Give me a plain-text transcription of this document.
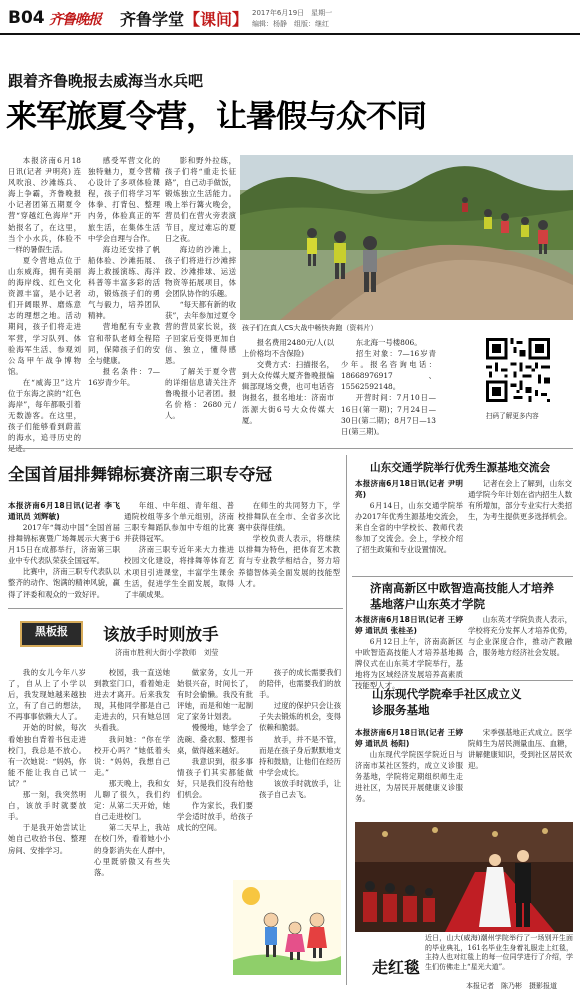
B04 齐鲁晚报 齐鲁学堂【课间】 2017年6月19日　星期一
编辑：杨静　组版：继红
跟着齐鲁晚报去威海当水兵吧
来军旅夏令营，让暑假与众不同

本报济南6月18日讯(记者 尹明亮) 连风吹浪、沙滩练兵、海上争霸，齐鲁晚报小记者团第五期夏令营“穿越红色海岸”开始报名了，在这里，当个小水兵，体验不一样的暑假生活。

夏令营地点位于山东威海，拥有美丽的海岸线、红色文化资源丰富，是小记者们开阔眼界、磨炼意志的理想之地。活动期间，孩子们将走进军营，学习队列、体验海军生活、参观刘公岛甲午战争博物馆。

在“威海卫”这片位于东海之滨的“红色海岸”，每年都吸引着无数游客。在这里，孩子们能够看到蔚蓝的海水，追寻历史的

感受军营文化的独特魅力，夏令营精心设计了多项体验课程，孩子们将学习军体拳、打背包、整理内务，体验真正的军旅生活，在集体生活中学会自理与合作。

海边还安排了帆船体验、沙滩拓展、海上救援演练、海洋科普等丰富多彩的活动，锻炼孩子们的勇气与毅力，培养团队精神。

营地配有专业教官和带队老师全程陪同，保障孩子们的安全与健康。

报名条件：7—16岁青少年。

影和野外拉练，孩子们将“重走长征路”，自己动手做饭，锻炼独立生活能力。晚上举行篝火晚会，营员们在营火旁表演节目，度过难忘的夏日之夜。

海边的沙滩上，孩子们将进行沙滩摔跤、沙滩排球、运送物资等拓展项目，体会团队协作的乐趣。

“每天都有新的收获”，去年参加过夏令营的营员家长说，孩子回家后变得更加自信、独立，懂得感恩。

了解关于夏令营的详细信息请关注齐鲁晚报小记者团。报名价格：2680元/人。

孩子们在真人CS大战中畅快奔跑（资料片）

报名费用2480元/人(以上价格均不含保险)

交费方式：扫描报名，到大众传媒大厦齐鲁晚报编辑部现场交费，也可电话咨询报名，报名地址：济南市泺源大街6号大众传媒大厦。

东北海一号楼806。

招生对象：7—16岁青少年。报名咨询电话：18668976917、15562592148。

开营时间：7月10日—16日(第一期)；7月24日—30日(第二期)；8月7日—13日(第三期)。

扫码了解更多内容
全国首届排舞锦标赛济南三职专夺冠
本报济南6月18日讯(记者 李飞 通讯员 刘辉敏)

2017年“舞动中国”全国首届排舞锦标赛暨广场舞展示大赛于6月15日在成都举行，济南第三职业中专代表队荣获全国冠军。

比赛中，济南三职专代表队以整齐的动作、饱满的精神风貌，赢得了评委和观众的一致好评。

年组、中年组、青年组、普通院校组等多个单元组别，济南三职专舞蹈队参加中专组的比赛并获得冠军。

济南三职专近年来大力推进校园文化建设，将排舞等体育艺术项目引进课堂，丰富学生课余生活，促进学生全面发展，取得了丰硕成果。

在师生的共同努力下，学校排舞队在全市、全省多次比赛中获得佳绩。

学校负责人表示，将继续以排舞为特色，把体育艺术教育与专业教学相结合，努力培养德智体美全面发展的技能型人才。

黑板报	该放手时则放手
济南市胜利大街小学教师　刘莹

我的女儿今年八岁了，自从上了小学以后，我发现她越来越独立，有了自己的想法，不再事事依赖大人了。

开始的时候，每次看她独自背着书包走进校门，我总是不放心。有一次她说：“妈妈，你能不能让我自己试一试？”

那一刻，我突然明白，该放手时就要放手。

于是我开始尝试让她自己收拾书包、整理房间、安排学习。

校园，我一直送她到教室门口，看着她走进去才离开。后来我发现，其他同学都是自己走进去的，只有她总回头看我。

我问她：“你在学校开心吗？”她低着头说：“妈妈，我想自己走。”

那天晚上，我和女儿聊了很久，我们约定：从第二天开始，她自己走进校门。

第二天早上，我站在校门外，看着她小小的身影消失在人群中，心里既骄傲又有些失落。

做家务，女儿一开始很兴奋，时间长了，有时会偷懒。我没有批评她，而是和她一起制定了家务计划表。

慢慢地，她学会了洗碗、叠衣服、整理书桌，做得越来越好。

我意识到，很多事情孩子们其实都能做好，只是我们没有给他们机会。

作为家长，我们要学会适时放手，给孩子成长的空间。

孩子的成长需要我们的陪伴，也需要我们的放手。

过度的保护只会让孩子失去锻炼的机会，变得依赖和脆弱。

放手，并不是不管，而是在孩子身后默默地支持和鼓励，让他们在经历中学会成长。

该放手时就放手，让孩子自己去飞。

山东交通学院举行优秀生源基地交流会
本报济南6月18日讯(记者 尹明亮)

6月14日，山东交通学院举办2017年优秀生源基地交流会，来自全省的中学校长、教师代表参加了交流会。会上，学校介绍了招生政策和专业设置情况。

记者在会上了解到，山东交通学院今年计划在省内招生人数有所增加，部分专业实行大类招生，为考生提供更多选择机会。

济南高新区中欧智造高技能人才培养基地落户山东英才学院
本报济南6月18日讯(记者 王婷婷 通讯员 张桂圣)

6月12日上午，济南高新区中欧智造高技能人才培养基地揭牌仪式在山东英才学院举行，基地将为区域经济发展培养高素质技能型人才。

山东英才学院负责人表示，学校将充分发挥人才培养优势，与企业深度合作，推动产教融合，服务地方经济社会发展。

山东现代学院牵手社区成立义诊服务基地
本报济南6月18日讯(记者 王婷婷 通讯员 杨阳)

山东现代学院医学院近日与济南市某社区签约，成立义诊服务基地，学院将定期组织师生走进社区，为居民开展健康义诊服务。

宋季强基地正式成立。医学院师生为居民测量血压、血糖，讲解健康知识，受到社区居民欢迎。

走红毯
近日，山大(威海)潮州学院举行了一场别开生面的毕业典礼，161名毕业生身着礼服走上红毯，主持人也对红毯上的每一位同学进行了介绍，学生们仿佛走上“星光大道”。
本报记者　陈乃彬　摄影报道
